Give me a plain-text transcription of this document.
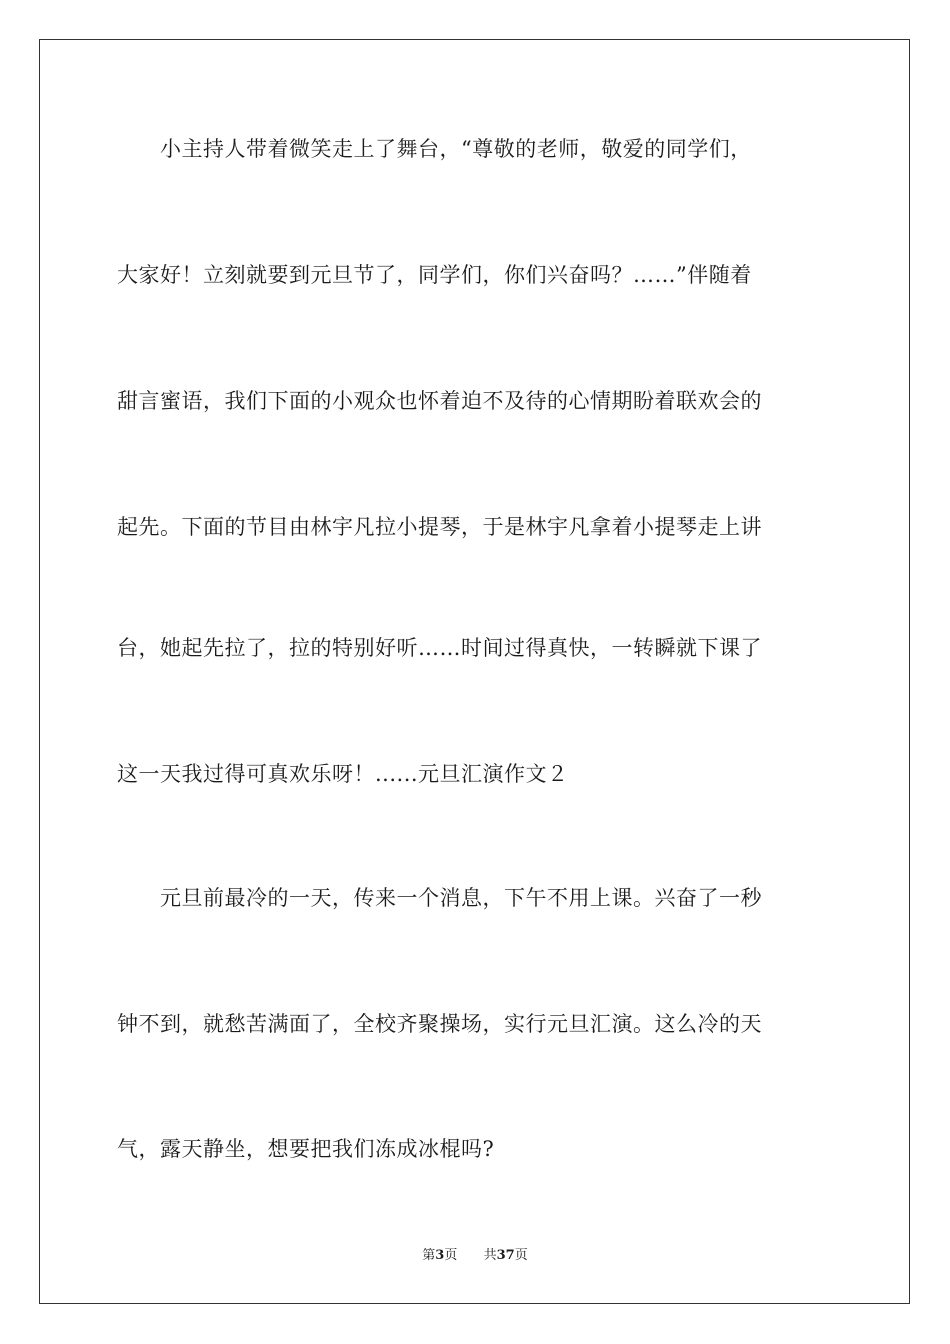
　　小主持人带着微笑走上了舞台，“尊敬的老师，敬爱的同学们，
大家好！立刻就要到元旦节了，同学们，你们兴奋吗？……”伴随着
甜言蜜语，我们下面的小观众也怀着迫不及待的心情期盼着联欢会的
起先。下面的节目由林宇凡拉小提琴，于是林宇凡拿着小提琴走上讲
台，她起先拉了，拉的特别好听……时间过得真快，一转瞬就下课了
这一天我过得可真欢乐呀！......元旦汇演作文２
　　元旦前最冷的一天，传来一个消息，下午不用上课。兴奋了一秒
钟不到，就愁苦满面了，全校齐聚操场，实行元旦汇演。这么冷的天
气，露天静坐，想要把我们冻成冰棍吗?
第3页 共37页
